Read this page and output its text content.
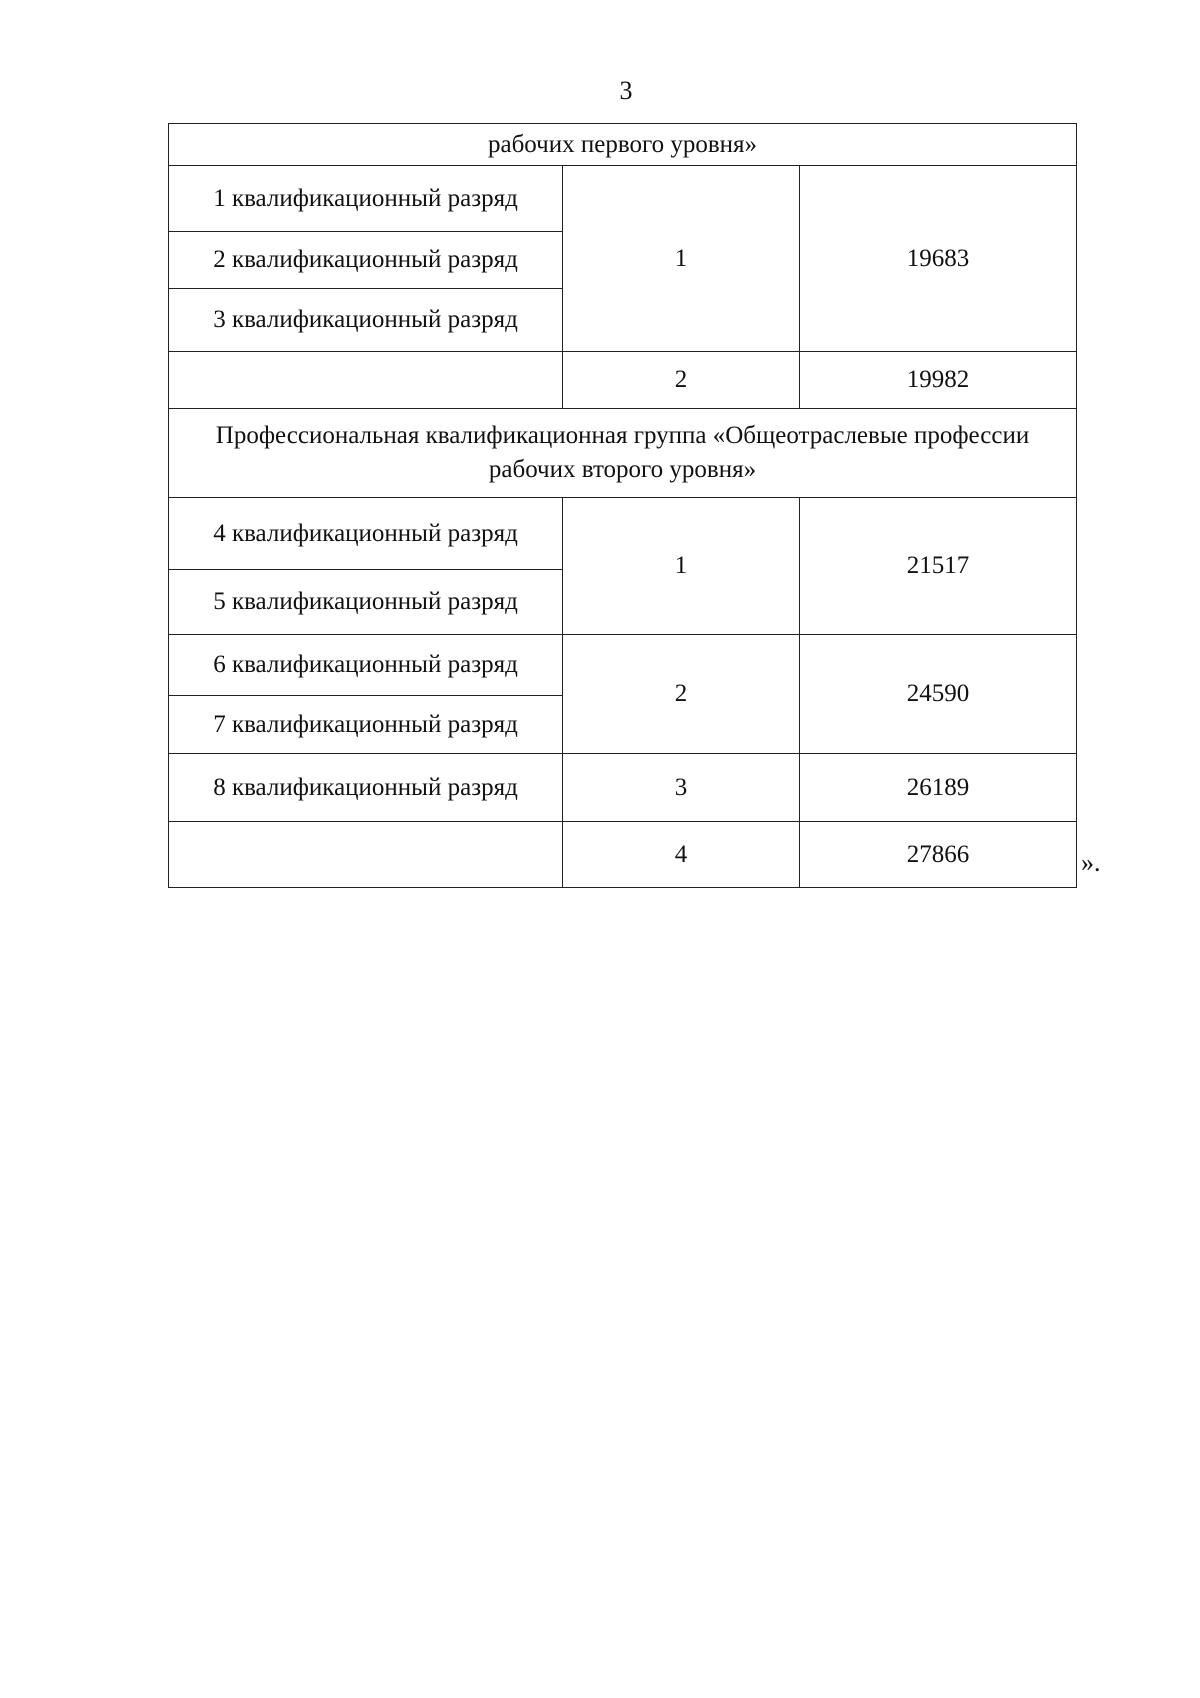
3
рабочих первого уровня»		
1 квалификационный разряд	1	19683
2 квалификационный разряд		
3 квалификационный разряд		
	2	19982
Профессиональная квалификационная группа «Общеотраслевые профессии рабочих второго уровня»		
4 квалификационный разряд	1	21517
5 квалификационный разряд		
6 квалификационный разряд	2	24590
7 квалификационный разряд		
8 квалификационный разряд	3	26189
	4	27866	».
